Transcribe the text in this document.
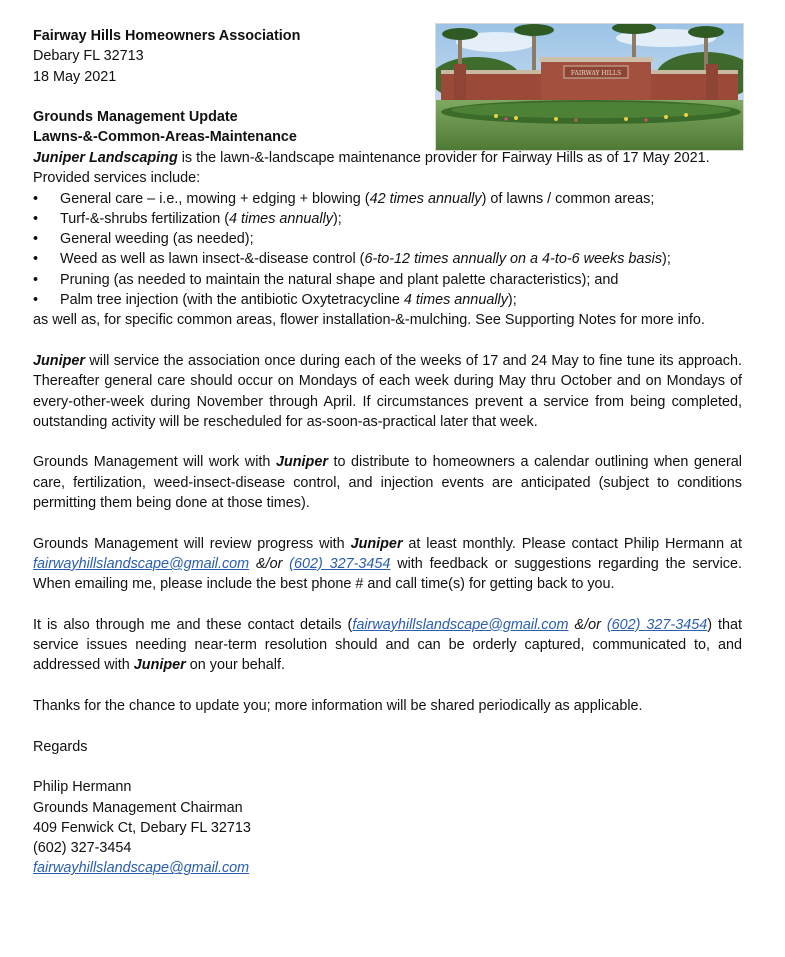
FAIRWAY HILLS

Fairway Hills Homeowners Association

Debary FL 32713

18 May 2021

Grounds Management Update

Lawns-&-Common-Areas-Maintenance

Juniper Landscaping is the lawn-&-landscape maintenance provider for Fairway Hills as of 17 May 2021. Provided services include:

• General care – i.e., mowing + edging + blowing (42 times annually) of lawns / common areas;
• Turf-&-shrubs fertilization (4 times annually);
• General weeding (as needed);
• Weed as well as lawn insect-&-disease control (6-to-12 times annually on a 4-to-6 weeks basis);
• Pruning (as needed to maintain the natural shape and plant palette characteristics); and
• Palm tree injection (with the antibiotic Oxytetracycline 4 times annually);

as well as, for specific common areas, flower installation-&-mulching. See Supporting Notes for more info.

Juniper will service the association once during each of the weeks of 17 and 24 May to fine tune its approach. Thereafter general care should occur on Mondays of each week during May thru October and on Mondays of every-other-week during November through April. If circumstances prevent a service from being completed, outstanding activity will be rescheduled for as-soon-as-practical later that week.

Grounds Management will work with Juniper to distribute to homeowners a calendar outlining when general care, fertilization, weed-insect-disease control, and injection events are anticipated (subject to conditions permitting them being done at those times).

Grounds Management will review progress with Juniper at least monthly. Please contact Philip Hermann at fairwayhillslandscape@gmail.com &/or (602) 327-3454 with feedback or suggestions regarding the service. When emailing me, please include the best phone # and call time(s) for getting back to you.

It is also through me and these contact details (fairwayhillslandscape@gmail.com &/or (602) 327-3454) that service issues needing near-term resolution should and can be orderly captured, communicated to, and addressed with Juniper on your behalf.

Thanks for the chance to update you; more information will be shared periodically as applicable.

Regards

Philip Hermann

Grounds Management Chairman

409 Fenwick Ct, Debary FL 32713

(602) 327-3454

fairwayhillslandscape@gmail.com
